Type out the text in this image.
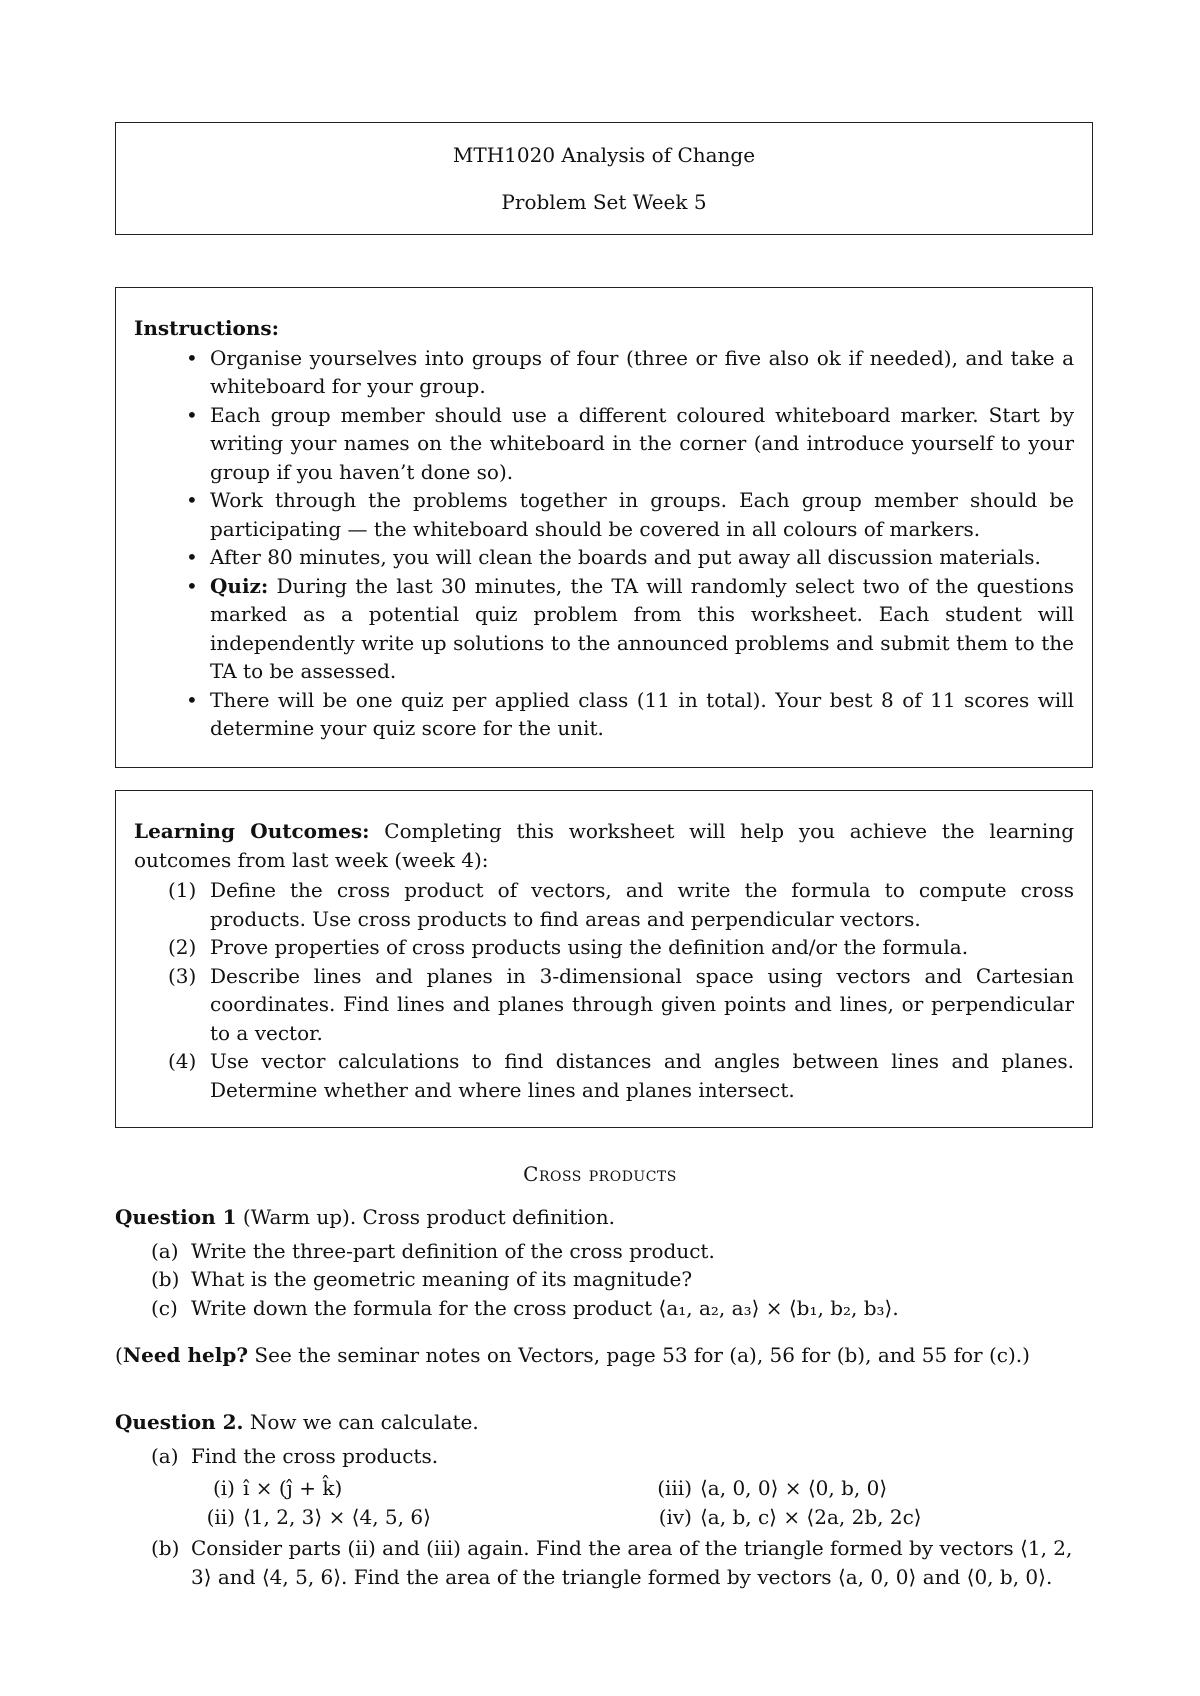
MTH1020 Analysis of Change
Problem Set Week 5
Instructions:
• Organise yourselves into groups of four (three or five also ok if needed), and take a whiteboard for your group.
• Each group member should use a different coloured whiteboard marker. Start by writing your names on the whiteboard in the corner (and introduce yourself to your group if you haven’t done so).
• Work through the problems together in groups. Each group member should be participating — the whiteboard should be covered in all colours of markers.
• After 80 minutes, you will clean the boards and put away all discussion materials.
• Quiz: During the last 30 minutes, the TA will randomly select two of the questions marked as a potential quiz problem from this worksheet. Each student will independently write up solutions to the announced problems and submit them to the TA to be assessed.
• There will be one quiz per applied class (11 in total). Your best 8 of 11 scores will determine your quiz score for the unit.
Learning Outcomes: Completing this worksheet will help you achieve the learning outcomes from last week (week 4):
(1) Define the cross product of vectors, and write the formula to compute cross products. Use cross products to find areas and perpendicular vectors.
(2) Prove properties of cross products using the definition and/or the formula.
(3) Describe lines and planes in 3-dimensional space using vectors and Cartesian coordinates. Find lines and planes through given points and lines, or perpendicular to a vector.
(4) Use vector calculations to find distances and angles between lines and planes. Determine whether and where lines and planes intersect.
Cross products
Question 1 (Warm up). Cross product definition.
(a) Write the three-part definition of the cross product.
(b) What is the geometric meaning of its magnitude?
(c) Write down the formula for the cross product ⟨a₁, a₂, a₃⟩ × ⟨b₁, b₂, b₃⟩.
(Need help? See the seminar notes on Vectors, page 53 for (a), 56 for (b), and 55 for (c).)
Question 2. Now we can calculate.
(a) Find the cross products.
(i) î × (ĵ + k̂)	(iii) ⟨a, 0, 0⟩ × ⟨0, b, 0⟩
(ii) ⟨1, 2, 3⟩ × ⟨4, 5, 6⟩	(iv) ⟨a, b, c⟩ × ⟨2a, 2b, 2c⟩
(b) Consider parts (ii) and (iii) again. Find the area of the triangle formed by vectors ⟨1, 2, 3⟩ and ⟨4, 5, 6⟩. Find the area of the triangle formed by vectors ⟨a, 0, 0⟩ and ⟨0, b, 0⟩.
